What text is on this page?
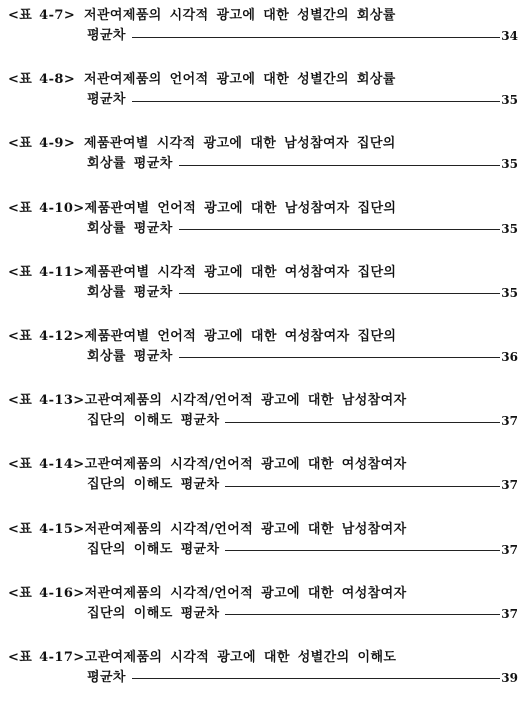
<표 4-7> 저관여제품의 시각적 광고에 대한 성별간의 회상률
평균차	34
<표 4-8> 저관여제품의 언어적 광고에 대한 성별간의 회상률
평균차	35
<표 4-9> 제품관여별 시각적 광고에 대한 남성참여자 집단의
회상률 평균차	35
<표 4-10>제품관여별 언어적 광고에 대한 남성참여자 집단의
회상률 평균차	35
<표 4-11>제품관여별 시각적 광고에 대한 여성참여자 집단의
회상률 평균차	35
<표 4-12>제품관여별 언어적 광고에 대한 여성참여자 집단의
회상률 평균차	36
<표 4-13>고관여제품의 시각적/언어적 광고에 대한 남성참여자
집단의 이해도 평균차	37
<표 4-14>고관여제품의 시각적/언어적 광고에 대한 여성참여자
집단의 이해도 평균차	37
<표 4-15>저관여제품의 시각적/언어적 광고에 대한 남성참여자
집단의 이해도 평균차	37
<표 4-16>저관여제품의 시각적/언어적 광고에 대한 여성참여자
집단의 이해도 평균차	37
<표 4-17>고관여제품의 시각적 광고에 대한 성별간의 이해도
평균차	39
